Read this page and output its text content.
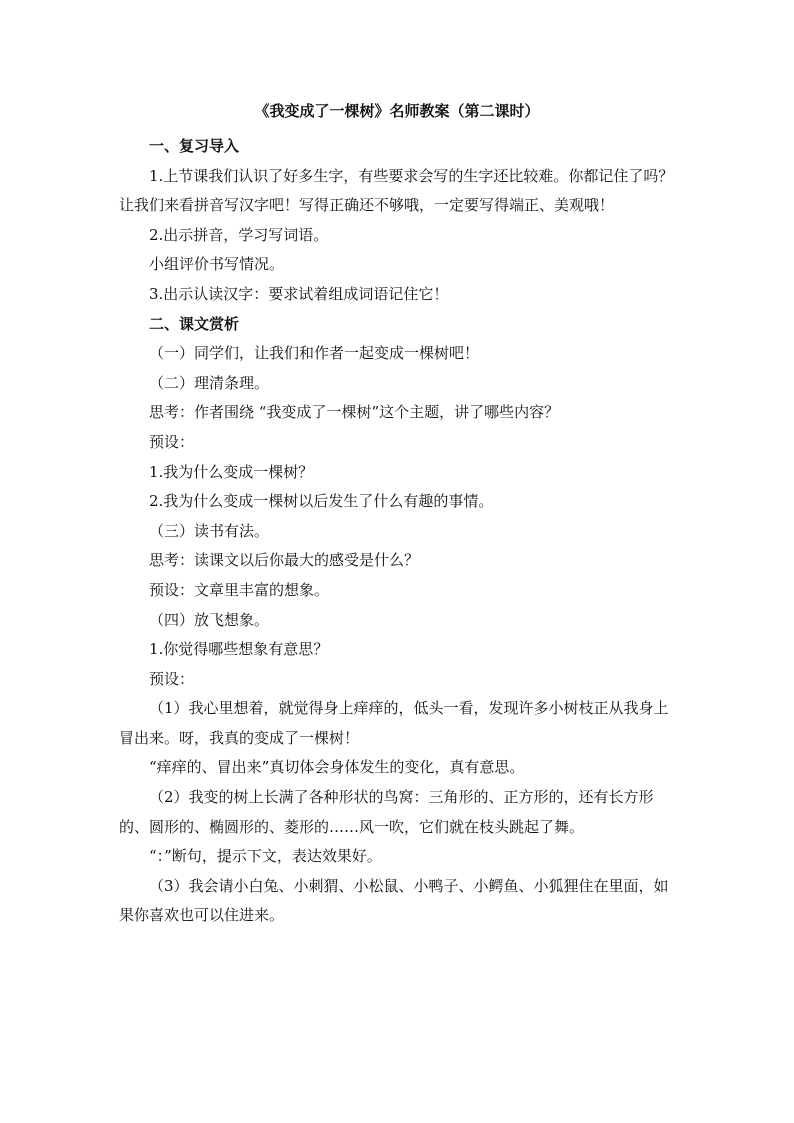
《我变成了一棵树》名师教案（第二课时）

一、复习导入

1.上节课我们认识了好多生字，有些要求会写的生字还比较难。你都记住了吗？让我们来看拼音写汉字吧！写得正确还不够哦，一定要写得端正、美观哦！

2.出示拼音，学习写词语。

小组评价书写情况。

3.出示认读汉字：要求试着组成词语记住它！

二、课文赏析

（一）同学们，让我们和作者一起变成一棵树吧！

（二）理清条理。

思考：作者围绕 “我变成了一棵树”这个主题，讲了哪些内容？

预设：

1.我为什么变成一棵树？

2.我为什么变成一棵树以后发生了什么有趣的事情。

（三）读书有法。

思考：读课文以后你最大的感受是什么？

预设：文章里丰富的想象。

（四）放飞想象。

1.你觉得哪些想象有意思？

预设：

（1）我心里想着，就觉得身上痒痒的，低头一看，发现许多小树枝正从我身上冒出来。呀，我真的变成了一棵树！

“痒痒的、冒出来”真切体会身体发生的变化，真有意思。

（2）我变的树上长满了各种形状的鸟窝：三角形的、正方形的，还有长方形的、圆形的、椭圆形的、菱形的……风一吹，它们就在枝头跳起了舞。

“：”断句，提示下文，表达效果好。

（3）我会请小白兔、小刺猬、小松鼠、小鸭子、小鳄鱼、小狐狸住在里面，如果你喜欢也可以住进来。
